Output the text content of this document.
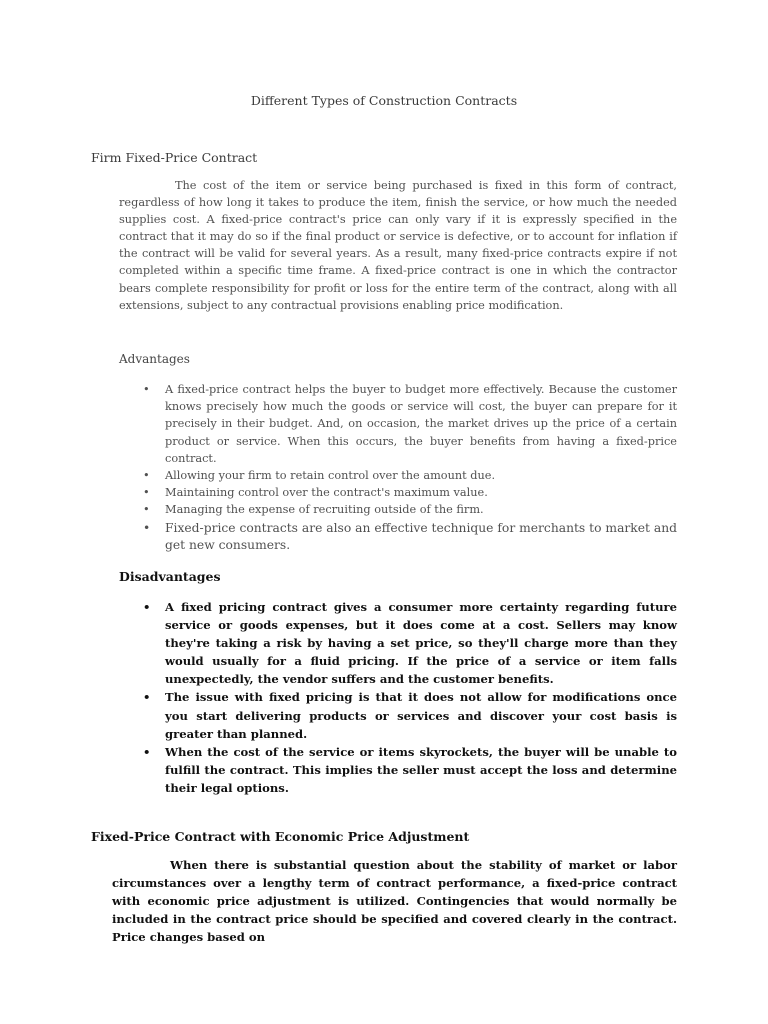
Different Types of Construction Contracts
Firm Fixed-Price Contract

The cost of the item or service being purchased is fixed in this form of contract, regardless of how long it takes to produce the item, finish the service, or how much the needed supplies cost. A fixed-price contract's price can only vary if it is expressly specified in the contract that it may do so if the final product or service is defective, or to account for inflation if the contract will be valid for several years. As a result, many fixed-price contracts expire if not completed within a specific time frame. A fixed-price contract is one in which the contractor bears complete responsibility for profit or loss for the entire term of the contract, along with all extensions, subject to any contractual provisions enabling price modification.

Advantages
• A fixed-price contract helps the buyer to budget more effectively. Because the customer knows precisely how much the goods or service will cost, the buyer can prepare for it precisely in their budget. And, on occasion, the market drives up the price of a certain product or service. When this occurs, the buyer benefits from having a fixed-price contract.
• Allowing your firm to retain control over the amount due.
• Maintaining control over the contract's maximum value.
• Managing the expense of recruiting outside of the firm.
• Fixed-price contracts are also an effective technique for merchants to market and get new consumers.
Disadvantages
• A fixed pricing contract gives a consumer more certainty regarding future service or goods expenses, but it does come at a cost. Sellers may know they're taking a risk by having a set price, so they'll charge more than they would usually for a fluid pricing. If the price of a service or item falls unexpectedly, the vendor suffers and the customer benefits.
• The issue with fixed pricing is that it does not allow for modifications once you start delivering products or services and discover your cost basis is greater than planned.
• When the cost of the service or items skyrockets, the buyer will be unable to fulfill the contract. This implies the seller must accept the loss and determine their legal options.
Fixed-Price Contract with Economic Price Adjustment

When there is substantial question about the stability of market or labor circumstances over a lengthy term of contract performance, a fixed-price contract with economic price adjustment is utilized. Contingencies that would normally be included in the contract price should be specified and covered clearly in the contract. Price changes based on
